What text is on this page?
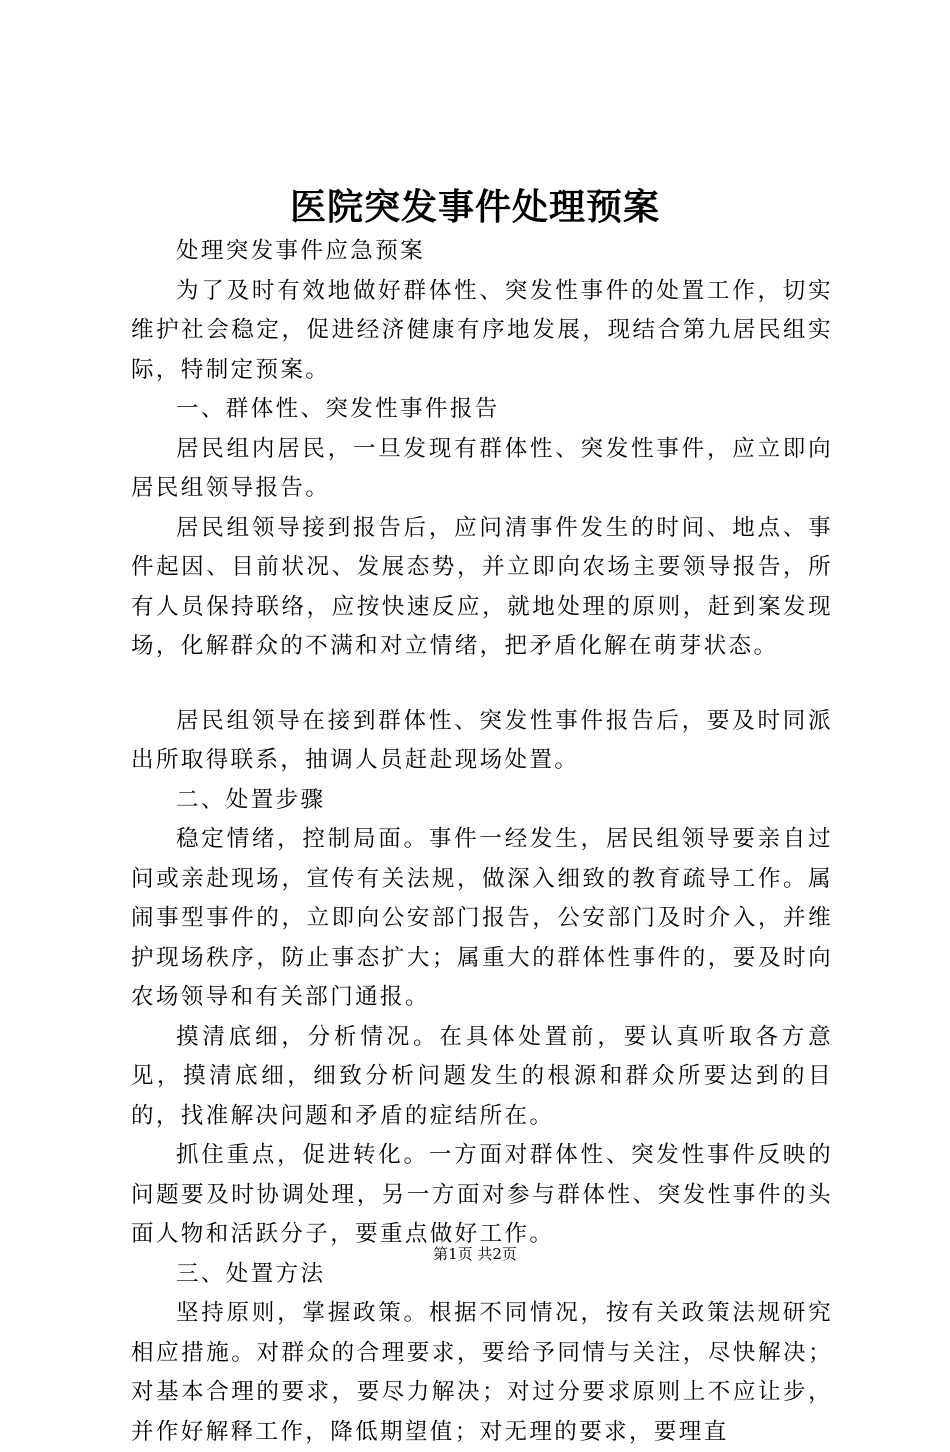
医院突发事件处理预案

处理突发事件应急预案

为了及时有效地做好群体性、突发性事件的处置工作，切实维护社会稳定，促进经济健康有序地发展，现结合第九居民组实际，特制定预案。

一、群体性、突发性事件报告

居民组内居民，一旦发现有群体性、突发性事件，应立即向居民组领导报告。

居民组领导接到报告后，应问清事件发生的时间、地点、事件起因、目前状况、发展态势，并立即向农场主要领导报告，所有人员保持联络，应按快速反应，就地处理的原则，赶到案发现场，化解群众的不满和对立情绪，把矛盾化解在萌芽状态。

居民组领导在接到群体性、突发性事件报告后，要及时同派出所取得联系，抽调人员赶赴现场处置。

二、处置步骤

稳定情绪，控制局面。事件一经发生，居民组领导要亲自过问或亲赴现场，宣传有关法规，做深入细致的教育疏导工作。属闹事型事件的，立即向公安部门报告，公安部门及时介入，并维护现场秩序，防止事态扩大；属重大的群体性事件的，要及时向农场领导和有关部门通报。

摸清底细，分析情况。在具体处置前，要认真听取各方意见，摸清底细，细致分析问题发生的根源和群众所要达到的目的，找准解决问题和矛盾的症结所在。

抓住重点，促进转化。一方面对群体性、突发性事件反映的问题要及时协调处理，另一方面对参与群体性、突发性事件的头面人物和活跃分子，要重点做好工作。

三、处置方法

坚持原则，掌握政策。根据不同情况，按有关政策法规研究相应措施。对群众的合理要求，要给予同情与关注，尽快解决；对基本合理的要求，要尽力解决；对过分要求原则上不应让步，并作好解释工作，降低期望值；对无理的要求，要理直

第1页 共2页
